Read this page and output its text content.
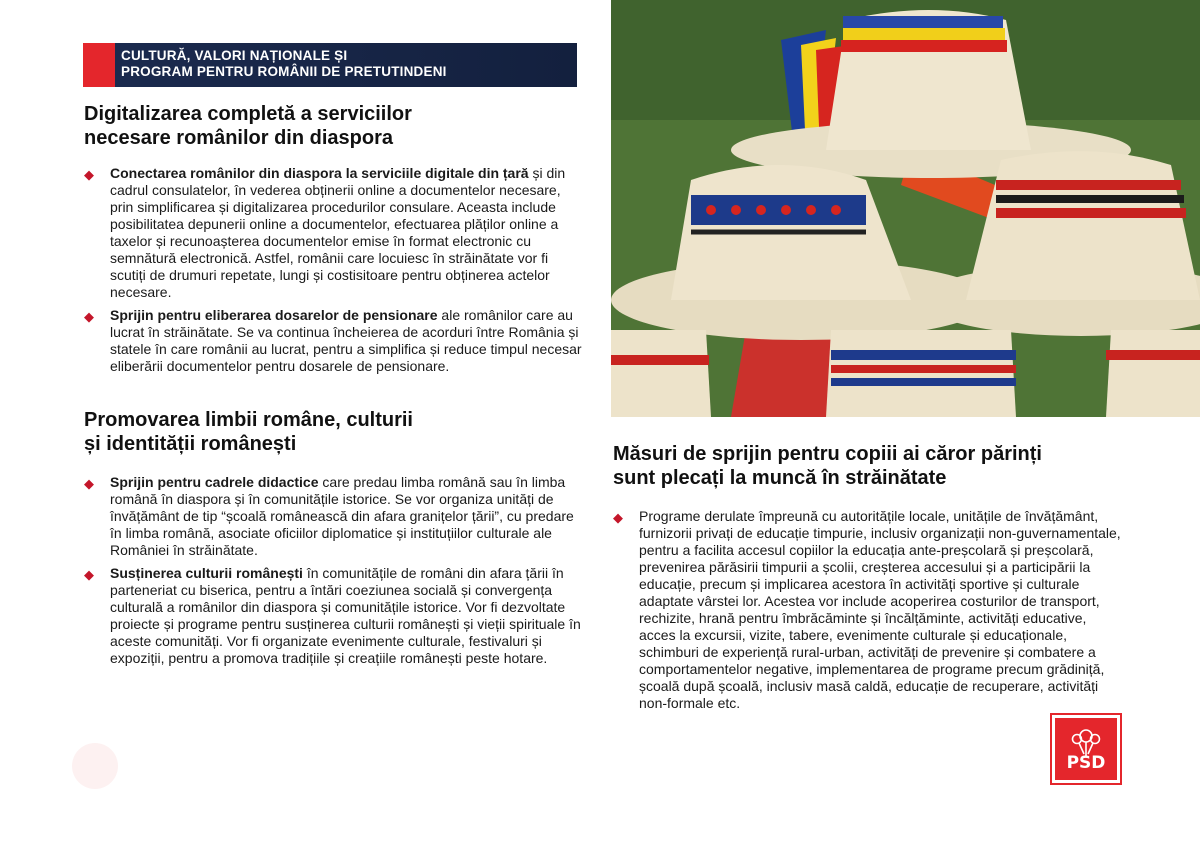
CULTURĂ, VALORI NAȚIONALE ȘI
PROGRAM PENTRU ROMÂNII DE PRETUTINDENI
Digitalizarea completă a serviciilor
necesare românilor din diaspora
◆ Conectarea românilor din diaspora la serviciile digitale din țară și din cadrul consulatelor, în vederea obținerii online a documentelor necesare, prin simplificarea și digitalizarea procedurilor consulare. Aceasta include posibilitatea depunerii online a documentelor, efectuarea plăților online a taxelor și recunoașterea documentelor emise în format electronic cu semnătură electronică. Astfel, românii care locuiesc în străinătate vor fi scutiți de drumuri repetate, lungi și costisitoare pentru obținerea actelor necesare.
◆ Sprijin pentru eliberarea dosarelor de pensionare ale românilor care au lucrat în străinătate. Se va continua încheierea de acorduri între România și statele în care românii au lucrat, pentru a simplifica și reduce timpul necesar eliberării documentelor pentru dosarele de pensionare.
Promovarea limbii române, culturii
și identității românești
◆ Sprijin pentru cadrele didactice care predau limba română sau în limba română în diaspora și în comunitățile istorice. Se vor organiza unități de învățământ de tip “școală românească din afara granițelor țării”, cu predare în limba română, asociate oficiilor diplomatice și instituțiilor culturale ale României în străinătate.
◆ Susținerea culturii românești în comunitățile de români din afara țării în parteneriat cu biserica, pentru a întări coeziunea socială și convergența culturală a românilor din diaspora și comunitățile istorice. Vor fi dezvoltate proiecte și programe pentru susținerea culturii românești și vieții spirituale în aceste comunități. Vor fi organizate evenimente culturale, festivaluri și expoziții, pentru a promova tradițiile și creațiile românești peste hotare.
Măsuri de sprijin pentru copiii ai căror părinți
sunt plecați la muncă în străinătate
◆ Programe derulate împreună cu autoritățile locale, unitățile de învățământ, furnizorii privați de educație timpurie, inclusiv organizații non-guvernamentale, pentru a facilita accesul copiilor la educația ante-preșcolară și preșcolară, prevenirea părăsirii timpurii a școlii, creșterea accesului și a participării la educație, precum și implicarea acestora în activități sportive și culturale adaptate vârstei lor. Acestea vor include acoperirea costurilor de transport, rechizite, hrană pentru îmbrăcăminte și încălțăminte, activități educative, acces la excursii, vizite, tabere, evenimente culturale și educaționale, schimburi de experiență rural-urban, activități de prevenire și combatere a comportamentelor negative, implementarea de programe precum grădiniță, școală după școală, inclusiv masă caldă, educație de recuperare, activități non-formale etc.
PSD
